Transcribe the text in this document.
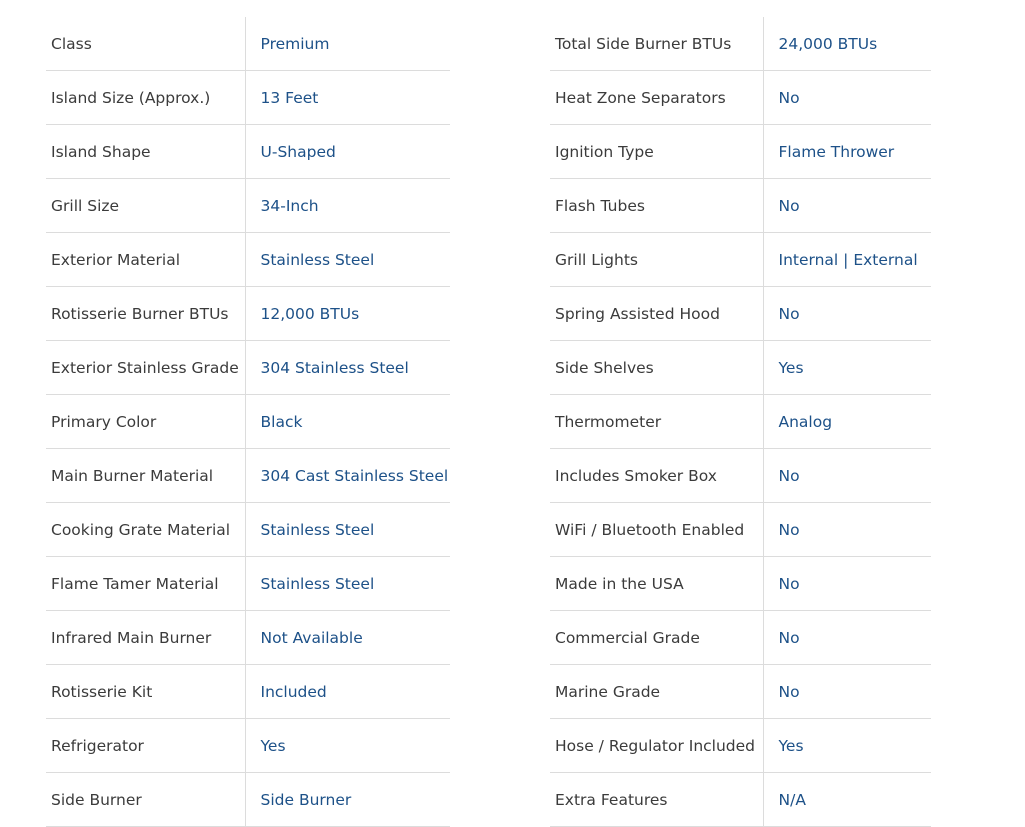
Class	Premium
Island Size (Approx.)	13 Feet
Island Shape	U-Shaped
Grill Size	34-Inch
Exterior Material	Stainless Steel
Rotisserie Burner BTUs	12,000 BTUs
Exterior Stainless Grade	304 Stainless Steel
Primary Color	Black
Main Burner Material	304 Cast Stainless Steel
Cooking Grate Material	Stainless Steel
Flame Tamer Material	Stainless Steel
Infrared Main Burner	Not Available
Rotisserie Kit	Included
Refrigerator	Yes
Side Burner	Side Burner
Total Side Burner BTUs	24,000 BTUs
Heat Zone Separators	No
Ignition Type	Flame Thrower
Flash Tubes	No
Grill Lights	Internal | External
Spring Assisted Hood	No
Side Shelves	Yes
Thermometer	Analog
Includes Smoker Box	No
WiFi / Bluetooth Enabled	No
Made in the USA	No
Commercial Grade	No
Marine Grade	No
Hose / Regulator Included	Yes
Extra Features	N/A
